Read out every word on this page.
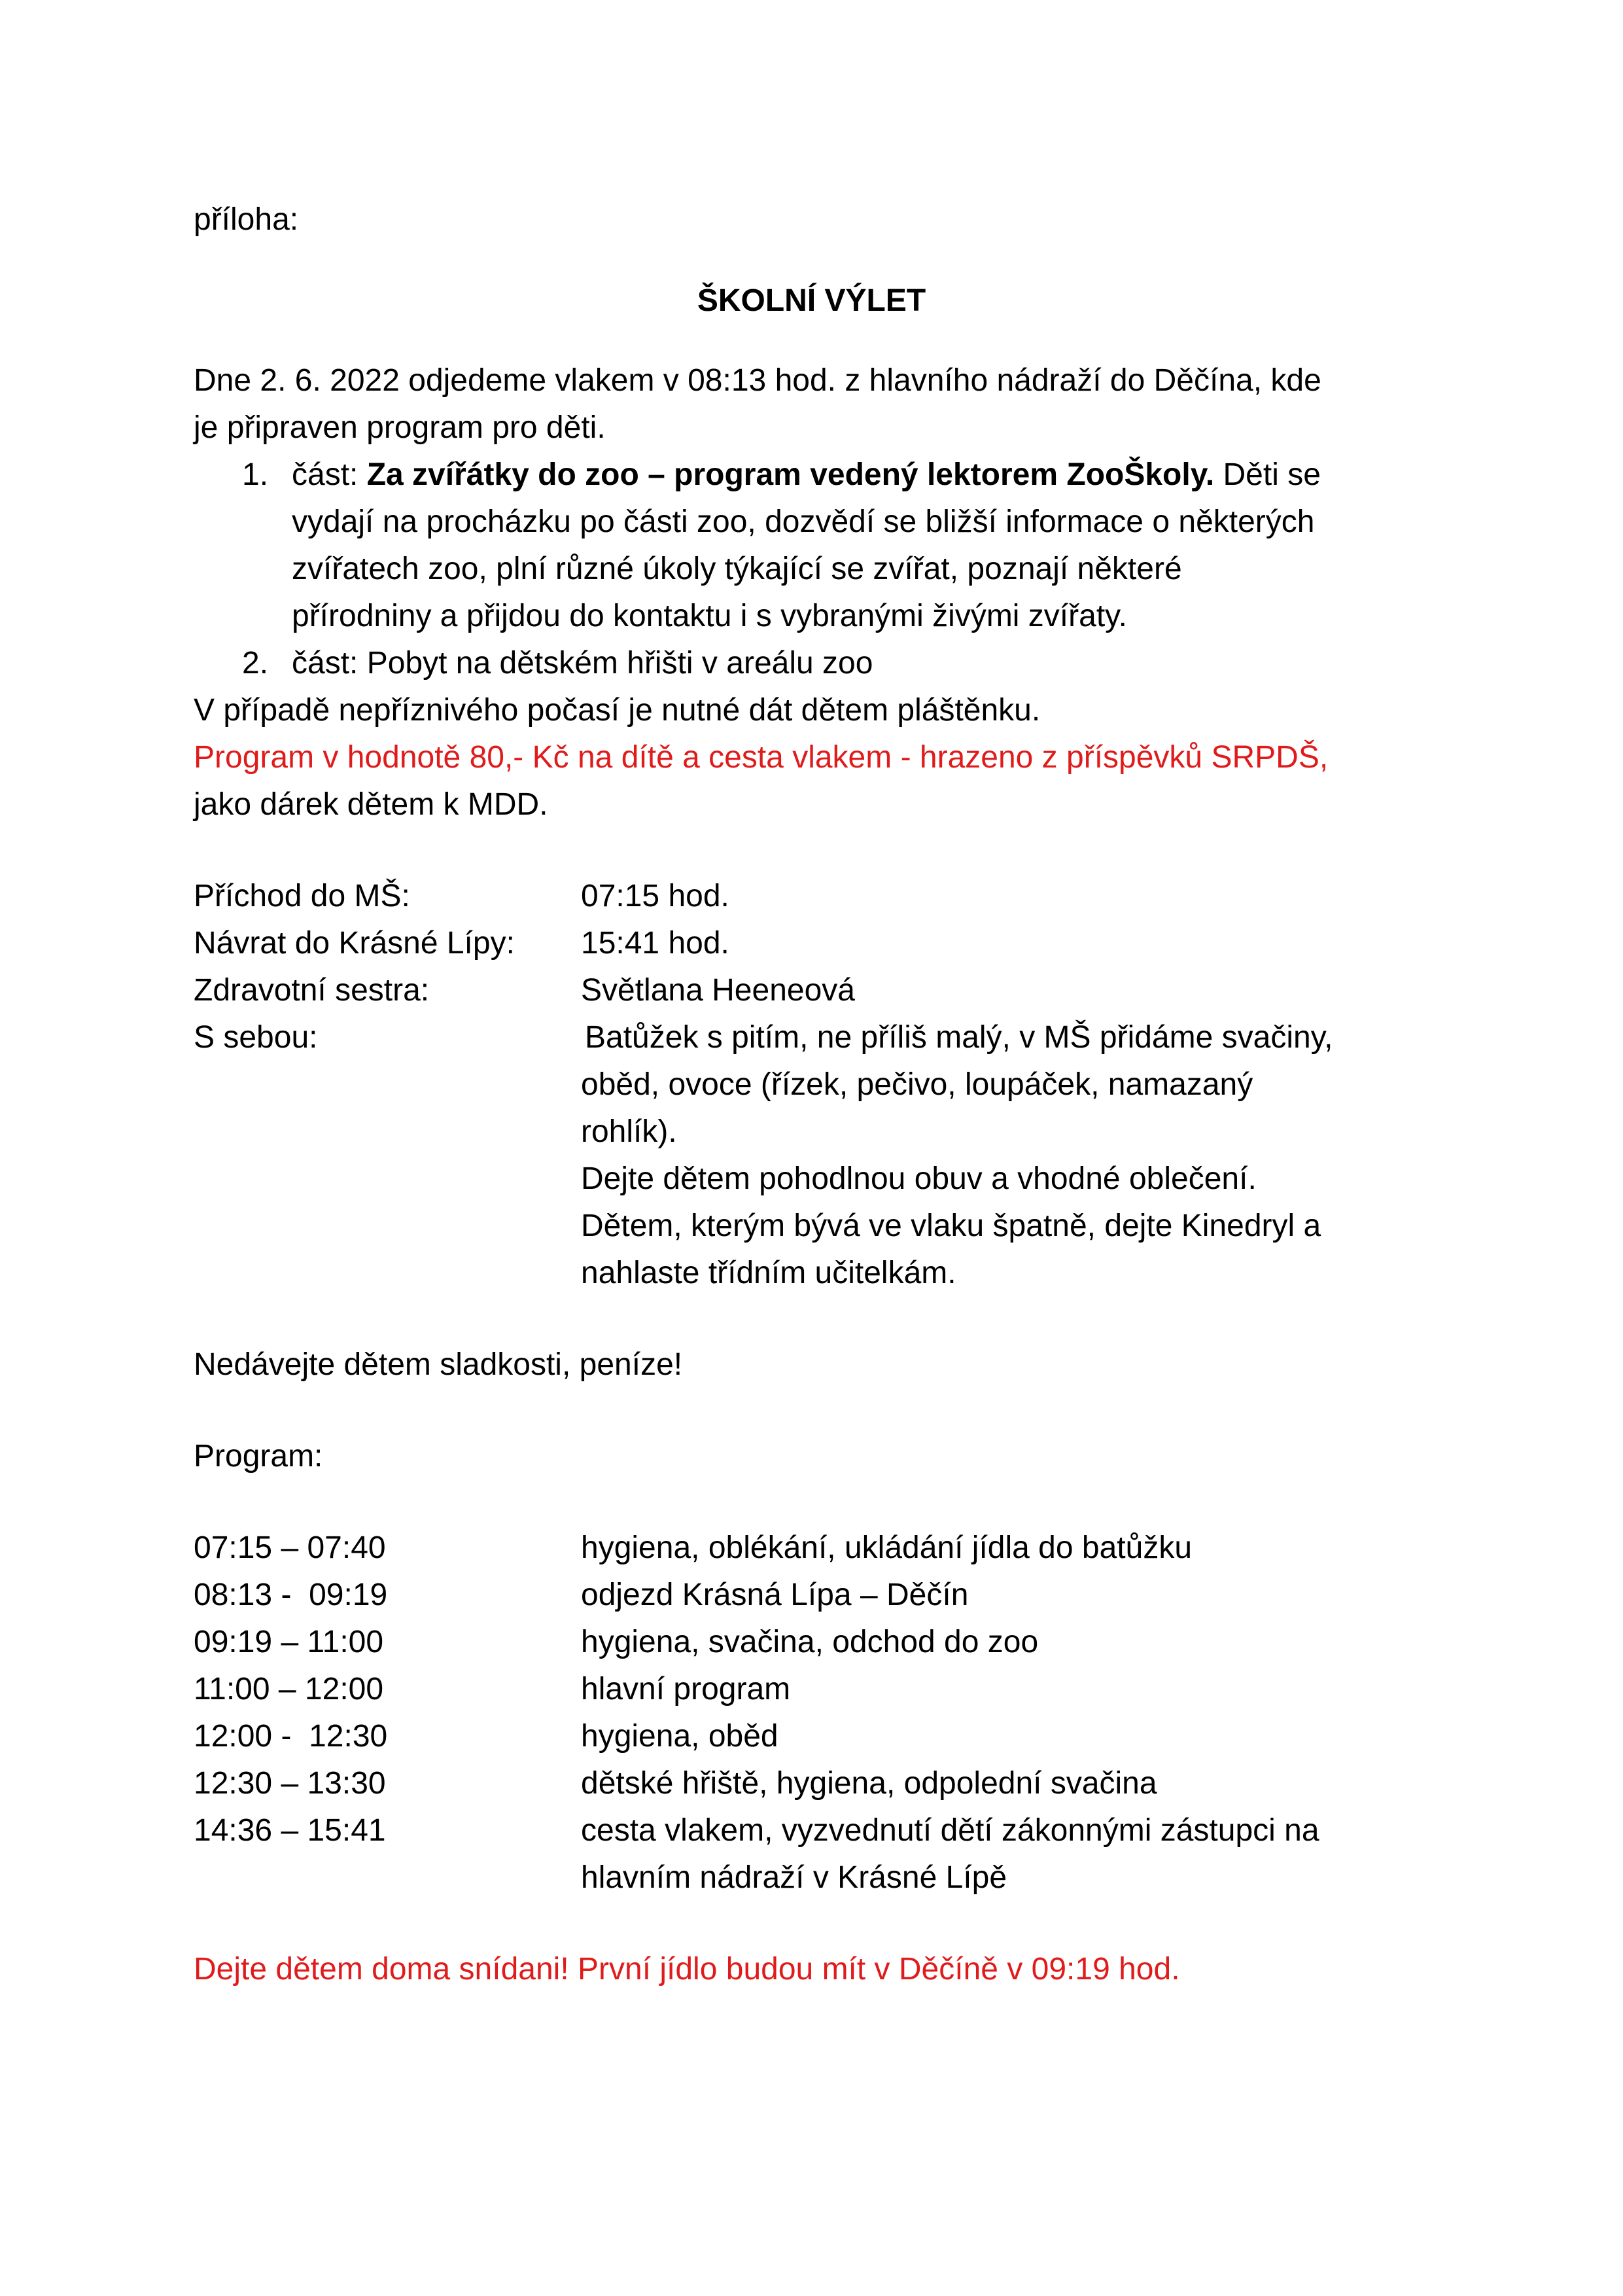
příloha:
ŠKOLNÍ VÝLET
Dne 2. 6. 2022 odjedeme vlakem v 08:13 hod. z hlavního nádraží do Děčína, kde
je připraven program pro děti.
1. část: Za zvířátky do zoo – program vedený lektorem ZooŠkoly. Děti se
vydají na procházku po části zoo, dozvědí se bližší informace o některých
zvířatech zoo, plní různé úkoly týkající se zvířat, poznají některé
přírodniny a přijdou do kontaktu i s vybranými živými zvířaty.
2. část: Pobyt na dětském hřišti v areálu zoo
V případě nepříznivého počasí je nutné dát dětem pláštěnku.
Program v hodnotě 80,- Kč na dítě a cesta vlakem - hrazeno z příspěvků SRPDŠ,
jako dárek dětem k MDD.
Příchod do MŠ:	07:15 hod.
Návrat do Krásné Lípy: 15:41 hod.
Zdravotní sestra:	Světlana Heeneová
S sebou:	Batůžek s pitím, ne příliš malý, v MŠ přidáme svačiny,
oběd, ovoce (řízek, pečivo, loupáček, namazaný
rohlík).
Dejte dětem pohodlnou obuv a vhodné oblečení.
Dětem, kterým bývá ve vlaku špatně, dejte Kinedryl a
nahlaste třídním učitelkám.
Nedávejte dětem sladkosti, peníze!
Program:
07:15 – 07:40	hygiena, oblékání, ukládání jídla do batůžku
08:13 -  09:19	odjezd Krásná Lípa – Děčín
09:19 – 11:00	hygiena, svačina, odchod do zoo
11:00 – 12:00	hlavní program
12:00 -  12:30	hygiena, oběd
12:30 – 13:30	dětské hřiště, hygiena, odpolední svačina
14:36 – 15:41	cesta vlakem, vyzvednutí dětí zákonnými zástupci na
hlavním nádraží v Krásné Lípě
Dejte dětem doma snídani! První jídlo budou mít v Děčíně v 09:19 hod.
